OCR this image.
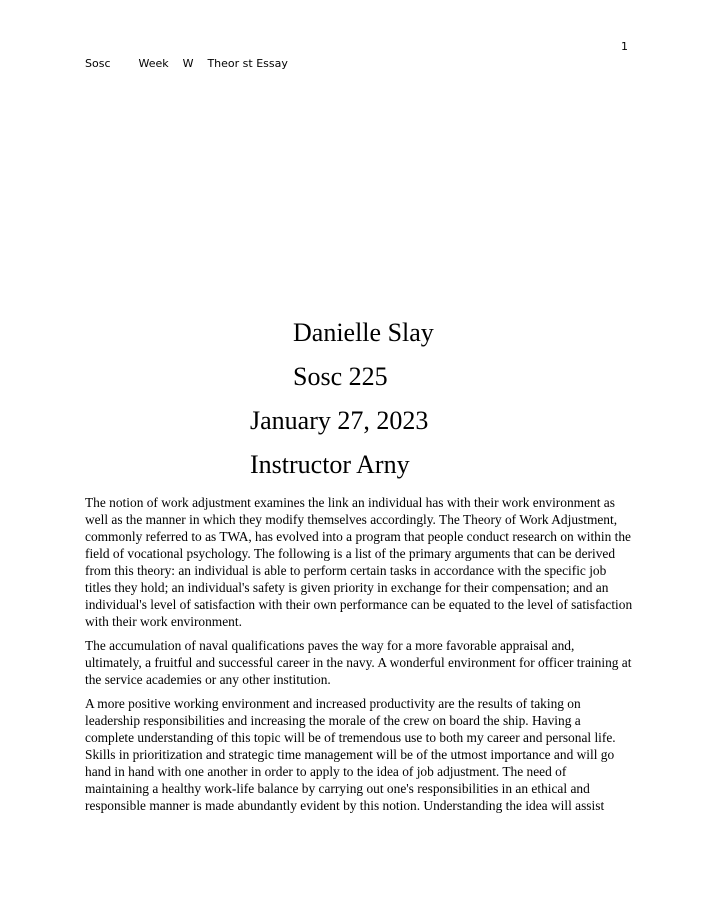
1
Sosc        Week    W    Theor st Essay
Danielle Slay
Sosc 225
January 27, 2023
Instructor Arny

The notion of work adjustment examines the link an individual has with their work environment as well as the manner in which they modify themselves accordingly. The Theory of Work Adjustment, commonly referred to as TWA, has evolved into a program that people conduct research on within the field of vocational psychology. The following is a list of the primary arguments that can be derived from this theory: an individual is able to perform certain tasks in accordance with the specific job titles they hold; an individual's safety is given priority in exchange for their compensation; and an individual's level of satisfaction with their own performance can be equated to the level of satisfaction with their work environment.

The accumulation of naval qualifications paves the way for a more favorable appraisal and, ultimately, a fruitful and successful career in the navy. A wonderful environment for officer training at the service academies or any other institution.

A more positive working environment and increased productivity are the results of taking on leadership responsibilities and increasing the morale of the crew on board the ship. Having a complete understanding of this topic will be of tremendous use to both my career and personal life. Skills in prioritization and strategic time management will be of the utmost importance and will go hand in hand with one another in order to apply to the idea of job adjustment. The need of maintaining a healthy work-life balance by carrying out one's responsibilities in an ethical and responsible manner is made abundantly evident by this notion. Understanding the idea will assist
